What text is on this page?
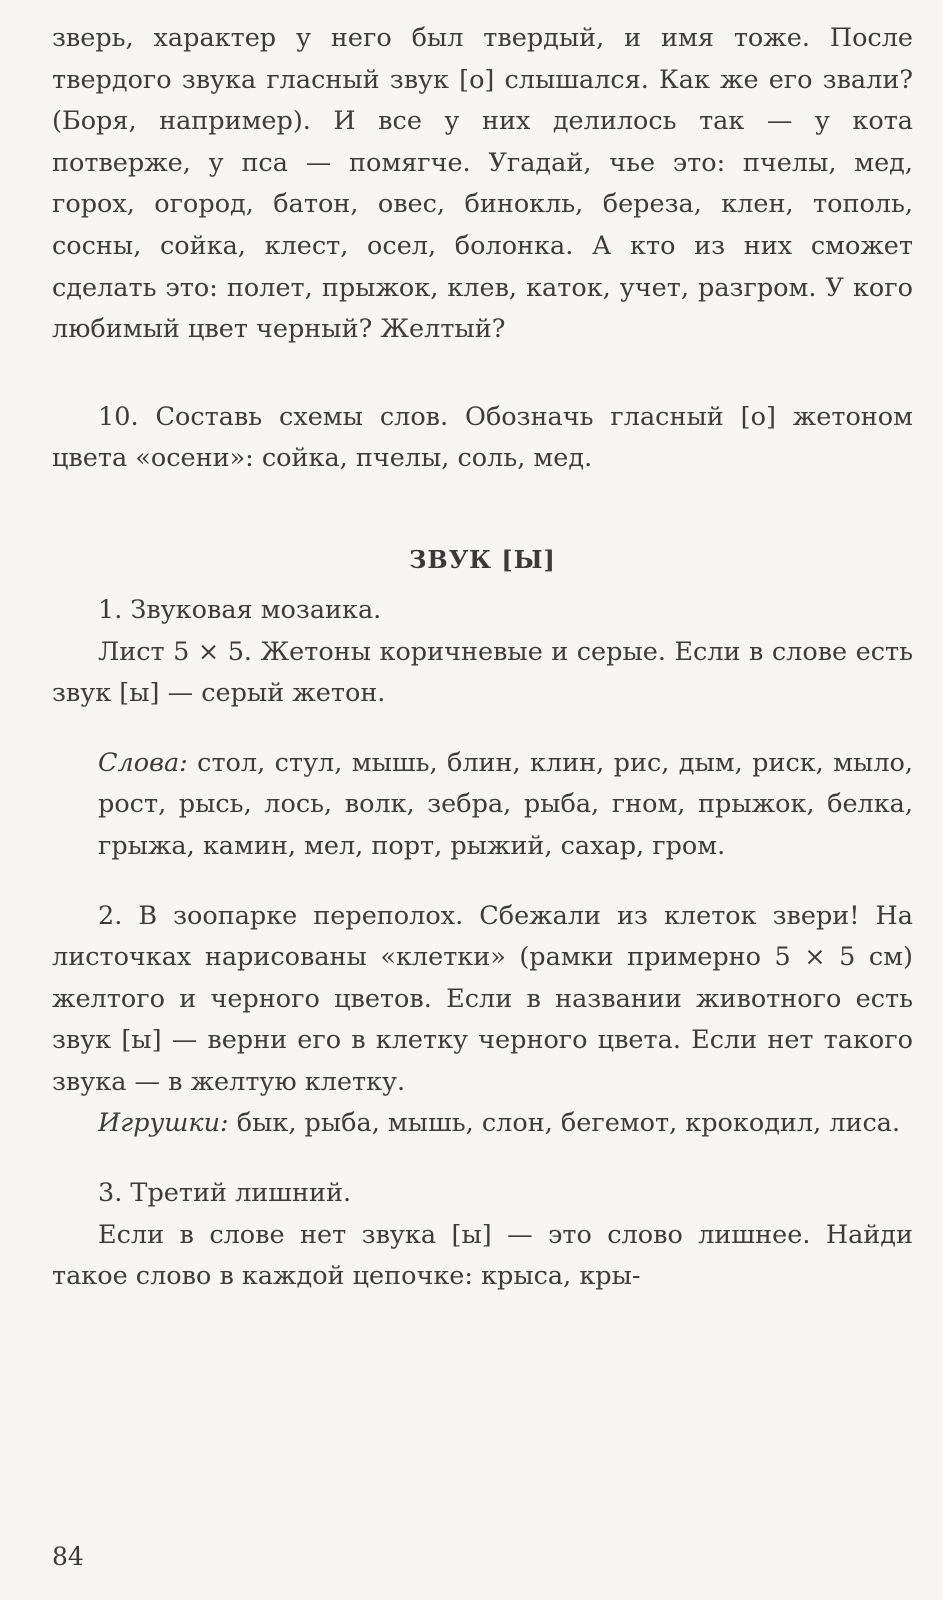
зверь, характер у него был твердый, и имя тоже. После твердого звука гласный звук [о] слышался. Как же его звали? (Боря, например). И все у них делилось так — у кота потверже, у пса — помягче. Угадай, чье это: пчелы, мед, горох, огород, батон, овес, бинокль, береза, клен, тополь, сосны, сойка, клест, осел, болонка. А кто из них сможет сделать это: полет, прыжок, клев, каток, учет, разгром. У кого любимый цвет черный? Желтый?

10. Составь схемы слов. Обозначь гласный [о] жетоном цвета «осени»: сойка, пчелы, соль, мед.

ЗВУК [Ы]

1. Звуковая мозаика.

Лист 5 × 5. Жетоны коричневые и серые. Если в слове есть звук [ы] — серый жетон.

Слова: стол, стул, мышь, блин, клин, рис, дым, риск, мыло, рост, рысь, лось, волк, зебра, рыба, гном, прыжок, белка, грыжа, камин, мел, порт, рыжий, сахар, гром.

2. В зоопарке переполох. Сбежали из клеток звери! На листочках нарисованы «клетки» (рамки примерно 5 × 5 см) желтого и черного цветов. Если в названии животного есть звук [ы] — верни его в клетку черного цвета. Если нет такого звука — в желтую клетку.

Игрушки: бык, рыба, мышь, слон, бегемот, крокодил, лиса.

3. Третий лишний.

Если в слове нет звука [ы] — это слово лишнее. Найди такое слово в каждой цепочке: крыса, кры-

84
